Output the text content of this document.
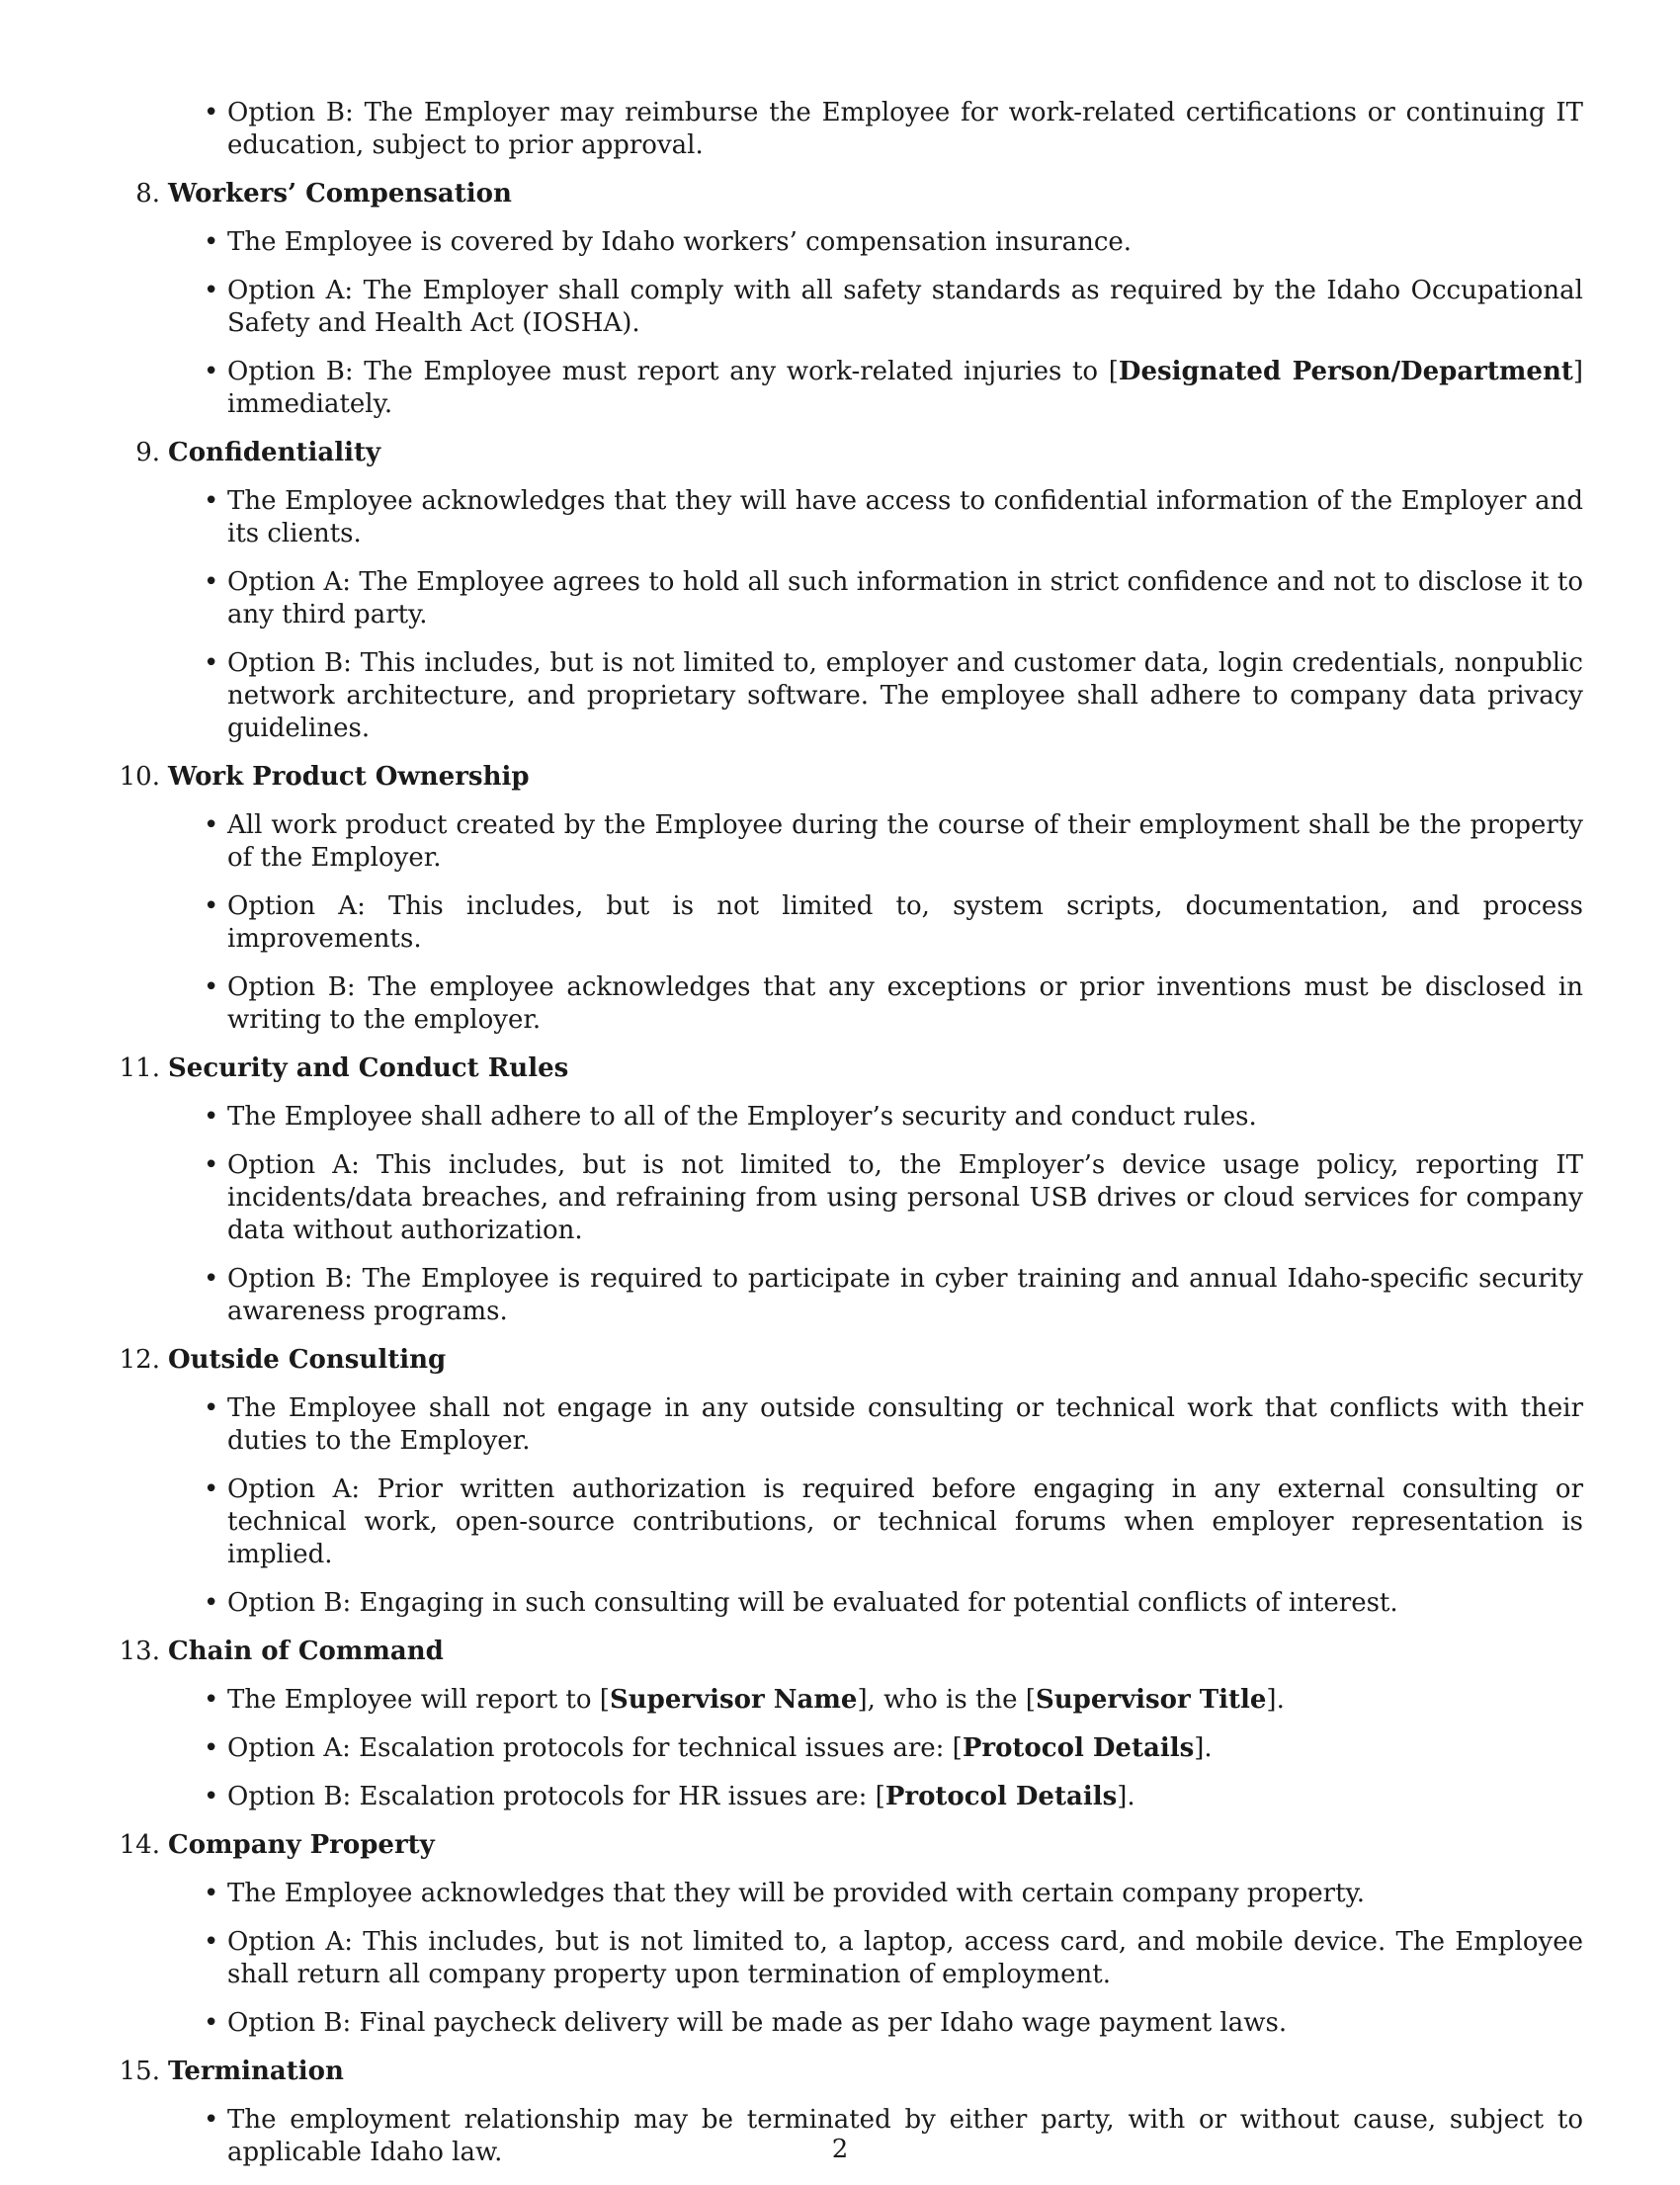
• Option B: The Employer may reimburse the Employee for work-related certifications or continuing IT education, subject to prior approval.
8. Workers’ Compensation
• The Employee is covered by Idaho workers’ compensation insurance.
• Option A: The Employer shall comply with all safety standards as required by the Idaho Occupational Safety and Health Act (IOSHA).
• Option B: The Employee must report any work-related injuries to [Designated Person/Department] immediately.
9. Confidentiality
• The Employee acknowledges that they will have access to confidential information of the Employer and its clients.
• Option A: The Employee agrees to hold all such information in strict confidence and not to disclose it to any third party.
• Option B: This includes, but is not limited to, employer and customer data, login credentials, nonpublic network architecture, and proprietary software. The employee shall adhere to company data privacy guidelines.
10. Work Product Ownership
• All work product created by the Employee during the course of their employment shall be the property of the Employer.
• Option A: This includes, but is not limited to, system scripts, documentation, and process improvements.
• Option B: The employee acknowledges that any exceptions or prior inventions must be disclosed in writing to the employer.
11. Security and Conduct Rules
• The Employee shall adhere to all of the Employer’s security and conduct rules.
• Option A: This includes, but is not limited to, the Employer’s device usage policy, reporting IT incidents/data breaches, and refraining from using personal USB drives or cloud services for company data without authorization.
• Option B: The Employee is required to participate in cyber training and annual Idaho-specific security awareness programs.
12. Outside Consulting
• The Employee shall not engage in any outside consulting or technical work that conflicts with their duties to the Employer.
• Option A: Prior written authorization is required before engaging in any external consulting or technical work, open-source contributions, or technical forums when employer representation is implied.
• Option B: Engaging in such consulting will be evaluated for potential conflicts of interest.
13. Chain of Command
• The Employee will report to [Supervisor Name], who is the [Supervisor Title].
• Option A: Escalation protocols for technical issues are: [Protocol Details].
• Option B: Escalation protocols for HR issues are: [Protocol Details].
14. Company Property
• The Employee acknowledges that they will be provided with certain company property.
• Option A: This includes, but is not limited to, a laptop, access card, and mobile device. The Employee shall return all company property upon termination of employment.
• Option B: Final paycheck delivery will be made as per Idaho wage payment laws.
15. Termination
• The employment relationship may be terminated by either party, with or without cause, subject to applicable Idaho law.	2
